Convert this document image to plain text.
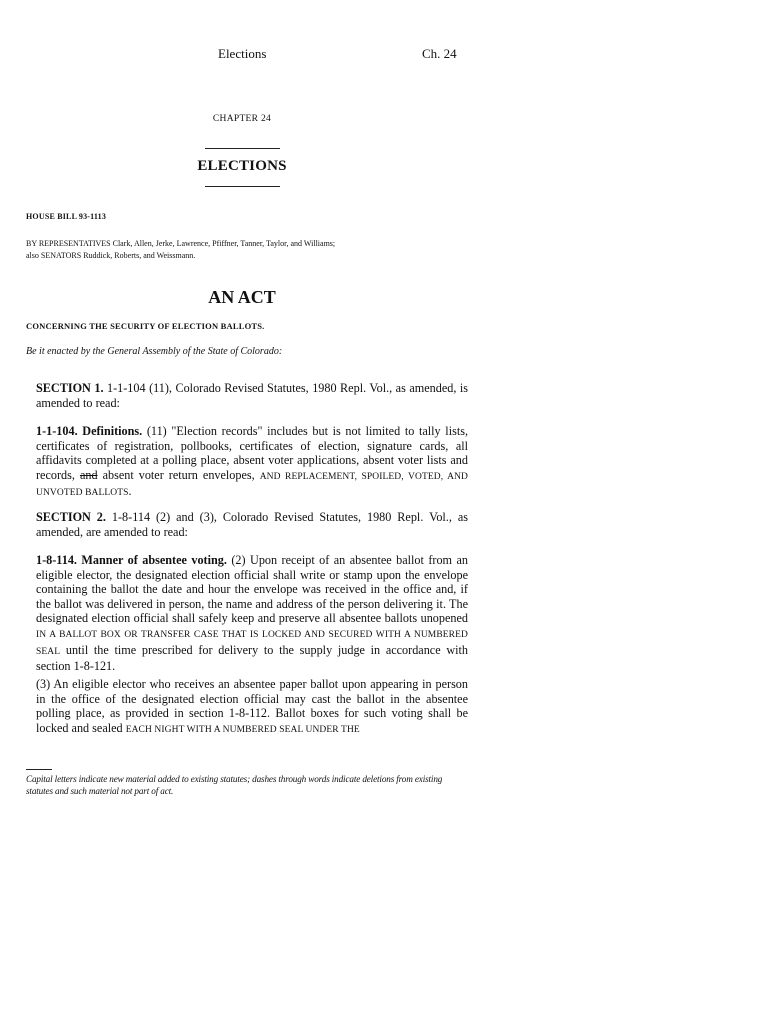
Elections	Ch. 24
CHAPTER 24
ELECTIONS
HOUSE BILL 93-1113
BY REPRESENTATIVES Clark, Allen, Jerke, Lawrence, Pfiffner, Tanner, Taylor, and Williams;
also SENATORS Ruddick, Roberts, and Weissmann.
AN ACT
CONCERNING THE SECURITY OF ELECTION BALLOTS.
Be it enacted by the General Assembly of the State of Colorado:

SECTION 1. 1-1-104 (11), Colorado Revised Statutes, 1980 Repl. Vol., as amended, is amended to read:

1-1-104. Definitions. (11) "Election records" includes but is not limited to tally lists, certificates of registration, pollbooks, certificates of election, signature cards, all affidavits completed at a polling place, absent voter applications, absent voter lists and records, and absent voter return envelopes, AND REPLACEMENT, SPOILED, VOTED, AND UNVOTED BALLOTS.

SECTION 2. 1-8-114 (2) and (3), Colorado Revised Statutes, 1980 Repl. Vol., as amended, are amended to read:

1-8-114. Manner of absentee voting. (2) Upon receipt of an absentee ballot from an eligible elector, the designated election official shall write or stamp upon the envelope containing the ballot the date and hour the envelope was received in the office and, if the ballot was delivered in person, the name and address of the person delivering it. The designated election official shall safely keep and preserve all absentee ballots unopened IN A BALLOT BOX OR TRANSFER CASE THAT IS LOCKED AND SECURED WITH A NUMBERED SEAL until the time prescribed for delivery to the supply judge in accordance with section 1-8-121.

(3) An eligible elector who receives an absentee paper ballot upon appearing in person in the office of the designated election official may cast the ballot in the absentee polling place, as provided in section 1-8-112. Ballot boxes for such voting shall be locked and sealed EACH NIGHT WITH A NUMBERED SEAL UNDER THE

Capital letters indicate new material added to existing statutes; dashes through words indicate deletions from existing
statutes and such material not part of act.
